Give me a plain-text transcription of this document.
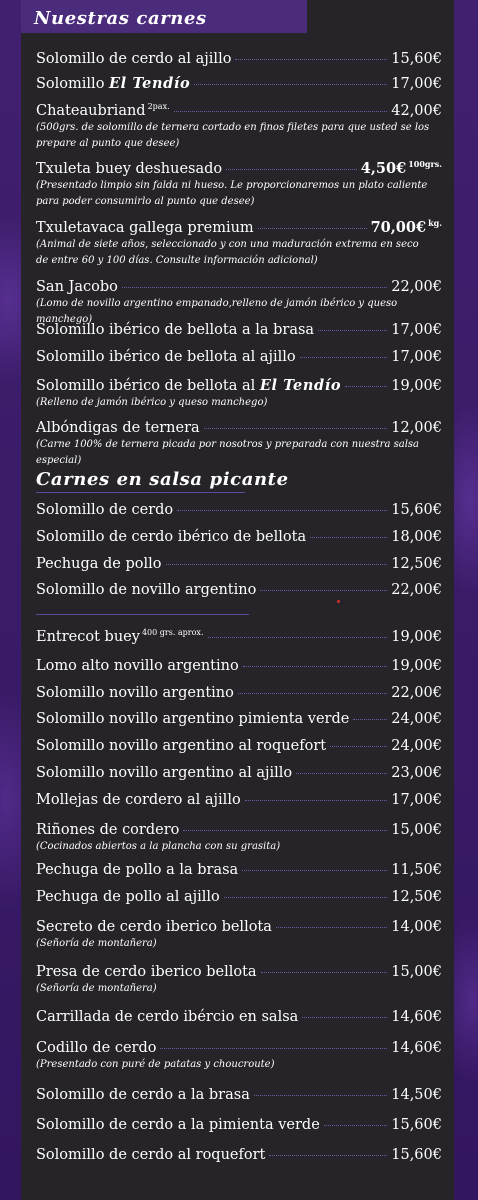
Nuestras carnes
Carnes en salsa picante
Solomillo de cerdo al ajillo	15,60€
Solomillo El Tendío	17,00€
Chateaubriand $^{2pax.}$	42,00€
(500grs. de solomillo de ternera cortado en finos filetes para que usted se los prepare al punto que desee)
Txuleta buey deshuesado	4,50€ $^{100grs.}$
(Presentado limpio sin falda ni hueso. Le proporcionaremos un plato caliente para poder consumirlo al punto que desee)
Txuletavaca gallega premium	70,00€ $^{kg.}$
(Animal de siete años, seleccionado y con una maduración extrema en seco de entre 60 y 100 días. Consulte información adicional)
San Jacobo	22,00€
(Lomo de novillo argentino empanado,relleno de jamón ibérico y queso manchego)
Solomillo ibérico de bellota a la brasa	17,00€
Solomillo ibérico de bellota al ajillo	17,00€
Solomillo ibérico de bellota al El Tendío	19,00€
(Relleno de jamón ibérico y queso manchego)
Albóndigas de ternera	12,00€
(Carne 100% de ternera picada por nosotros y preparada con nuestra salsa especial)
Solomillo de cerdo	15,60€
Solomillo de cerdo ibérico de bellota	18,00€
Pechuga de pollo	12,50€
Solomillo de novillo argentino	22,00€
Entrecot buey $^{400 grs. aprox.}$	19,00€
Lomo alto novillo argentino	19,00€
Solomillo novillo argentino	22,00€
Solomillo novillo argentino pimienta verde	24,00€
Solomillo novillo argentino al roquefort	24,00€
Solomillo novillo argentino al ajillo	23,00€
Mollejas de cordero al ajillo	17,00€
Riñones de cordero	15,00€
(Cocinados abiertos a la plancha con su grasita)
Pechuga de pollo a la brasa	11,50€
Pechuga de pollo al ajillo	12,50€
Secreto de cerdo iberico bellota	14,00€
(Señoría de montañera)
Presa de cerdo iberico bellota	15,00€
(Señoría de montañera)
Carrillada de cerdo ibércio en salsa	14,60€
Codillo de cerdo	14,60€
(Presentado con puré de patatas y choucroute)
Solomillo de cerdo a la brasa	14,50€
Solomillo de cerdo a la pimienta verde	15,60€
Solomillo de cerdo al roquefort	15,60€
